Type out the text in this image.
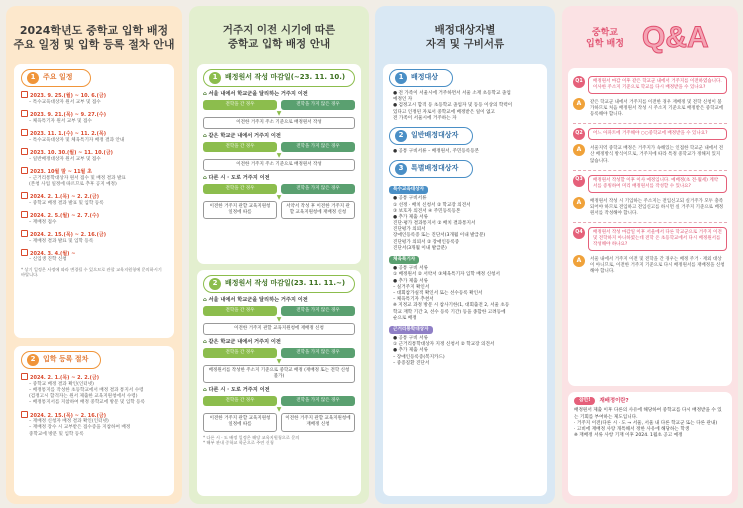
2024학년도 중학교 입학 배정
주요 일정 및 입학 등록 절차 안내
1	주요 일정
2023. 9. 25.(월) ~ 10. 6.(금)
– 특수교육대상자 원서 교부 및 접수
2023. 9. 21.(목) ~ 9. 27.(수)
– 체육특기자 원서 교부 및 접수
2023. 11. 1.(수) ~ 11. 2.(목)
– 특수교육대상자 및 체육특기자 배정 결과 안내
2023. 10. 30.(월) ~ 11. 10.(금)
– 일반배정대상자 원서 교부 및 접수
2023. 10월 말 ~ 11월 초
– 근거리통학대상자 원서 접수 및 배정 결과 발표
(본청 사업 일정에 따르므로 추후 공지 예정)
2024. 2. 1.(목) ~ 2. 2.(금)
– 중학교 배정 결과 발표 및 입학 등록
2024. 2. 5.(월) ~ 2. 7.(수)
– 재배정 접수
2024. 2. 15.(목) ~ 2. 16.(금)
– 재배정 결과 발표 및 입학 등록
2024. 3. 4.(월) ~
– 신입생 진학 신청
* 상기 일정은 사정에 따라 변경될 수 있으므로 관할 교육지원청에 문의하시기 바랍니다.
2	입학 등록 절차
2024. 2. 1.(목) ~ 2. 2.(금)
– 중학교 배정 결과 확인(인터넷)
– 배정통지를 작성한 초등학교에서 배정 결과 통지서 수령
(검정고시 합격자는 원서 제출한 교육지원청에서 수령)
– 배정통지서를 지참하여 배정 중학교에 방문 및 입학 등록
2024. 2. 15.(목) ~ 2. 16.(금)
– 재배정 신청자 배정 결과 확인(인터넷)
– 재배정 장수 시 교부받은 접수증을 지참하여 배정
중학교에 방문 및 입학 등록
거주지 이전 시기에 따른
중학교 입학 배정 안내
1	배정원서 작성 마감일(~23. 11. 10.)
⌂ 서울 내에서 학교군을 달리하는 거주지 이전
전학을 간 경우	전학을 가지 않은 경우
▼
이전한 거주지 주소 기준으로 배정원서 작성
⌂ 같은 학교군 내에서 거주지 이전
전학을 간 경우	전학을 가지 않은 경우
▼
이전한 거주지 주소 기준으로 배정원서 작성
⌂ 다른 시 · 도로 거주지 이전
전학을 간 경우	전학을 가지 않은 경우
▼
이전한 거주지 관할 교육지원청 일정에 따름
서약서 작성 후 이전한 거주지 관할 교육지원청에 재배정 신청
2	배정원서 작성 마감일(23. 11. 11.~)
⌂ 서울 내에서 학교군을 달리하는 거주지 이전
전학을 간 경우	전학을 가지 않은 경우
▼
이전한 거주지 관할 교육지원청에 재배정 신청
⌂ 같은 학교군 내에서 거주지 이전
전학을 간 경우	전학을 가지 않은 경우
▼
배정원서를 작성한 주소지 기준으로 중학교 배정 (재배정 또는 전학 신청 불가)
⌂ 다른 시 · 도로 거주지 이전
전학을 간 경우	전학을 가지 않은 경우
▼
이전한 거주지 관할 교육지원청 일정에 따름
이전한 거주지 관할 교육지원청에 재배정 신청
* 다른 시 · 도 배정 일정은 해당 교육지원청으로 문의
* 해부 관내 중학교 학군으로 주연 신청
배정대상자별
자격 및 구비서류
1	배정대상
● 전 가족이 서울시에 거주하면서 서울 소재 초등학교 졸업
예정인 자
● 검정고시 합격 등 초등학교 졸업자 및 동등 이상의 학력이
있다고 인정된 자로서 중학교에 배정받은 일이 없고
전 가족이 서울시에 거주하는 자
2	일반배정대상자
● 공통 구비서류 – 배정원서, 주민등록등본
3	특별배정대상자
특수교육대상자
● 공통 구비서류
① 선정 · 배치 신청서 ② 학교장 의견서
③ 보호자 의견서 ④ 주민등록등본
● 추가 제출 서류
진단·평가 결과통지서 ② 배치 결과통지서
진단평가 의뢰서
장애인등록증 또는 진단서(3개월 이내 발급분)
진단평가 의뢰서 ② 장애인등록증
진단서(3개월 이내 발급분)
체육특기자
● 공통 구비 서류
① 배정원서 ② 서약서 ③체육특기자 입학 배정 신청서
● 추가 제출 서류
– 실거주지 확인서
– 대회참가실적 확인서 또는 선수등록 확인서
– 체육특기자 추천서
※ 지정교 과정 방문 시 참사기한(1, 대회출전 2, 서울 초등
학교 재학 기간 3, 선수 등록 기간) 등을 종합한 고려등에
순으로 배정
근거리통학대상자
● 공통 구비 서류
① 근거리통학대상자 지정 신청서 ② 학교장 의견서
● 추가 제출 서류
– 장애인등록증(복지카드)
– 중증질환 진단서
중학교
입학 배정 Q&A
Q1	배정원서 마감 이후 같은 학교군 내에서 거주지를 이전하였습니다. 이사한 주소지 기준으로 학교를 다시 배정받을 수 있나요?
A	같은 학교군 내에서 거주지를 이전한 경우 재배정 및 전학 신청이 불가하므로 처음 배정원서 작성 시 주소지 기준으로 배정받은 중학교에 등록해야 합니다.
Q2	어느 아파트에 거주해야 ○○중학교에 배정받을 수 있나요?
A	서울지역 중학교 배정은 거주지가 속해있는 인접한 학교군 내에서 전산 배정방식 방식이므로, 거주지에 따라 특정 중학교가 정해져 있지 않습니다.
Q3	배정원서 작성할 이후 이사 예정입니다. 예배정(초 전·월세) 계약서를 증빙하여 미리 배정원서를 작성할 수 있나요?
A	배정원서 작성 시 기입하는 주소지는 전입신고되 실거주가 모두 충족되어야 하므로 전입하고 전입신고를 하시면 실 거주지 기준으로 배정원서를 작성해야 합니다.
Q4	배정원서 작성 마감일 이후 서울에서 다른 학교군으로 거주지 이전 및 전학하지 아니하였는데 전학 온 초등학교에서 다시 배정원서를 작성해야 하나요?
A	서울 내에서 거주지 이전 및 전학을 간 경우는 배정 주거 · 재외 대상이 아니므로, 이전한 거주지 기준으로 다시 배정원서를 재배정을 신청해야 합니다.
잠깐!	재배정이란?
배정원서 제출 이후 다른의 사유에 해당하여 중학교를 다시 배정받을 수 있는 기회를 부여하는 제도입니다.
· 거주지 이전(다른 시 · 도 → 서울, 서울 내 다른 학교군 또는 다른 관내)
· 고비에 재배정 사랑 개특해서 정한 사유에 해당하는 학생
※ 재배정 서류 사항 기재 이후 2024. 1월초 공고 예정
